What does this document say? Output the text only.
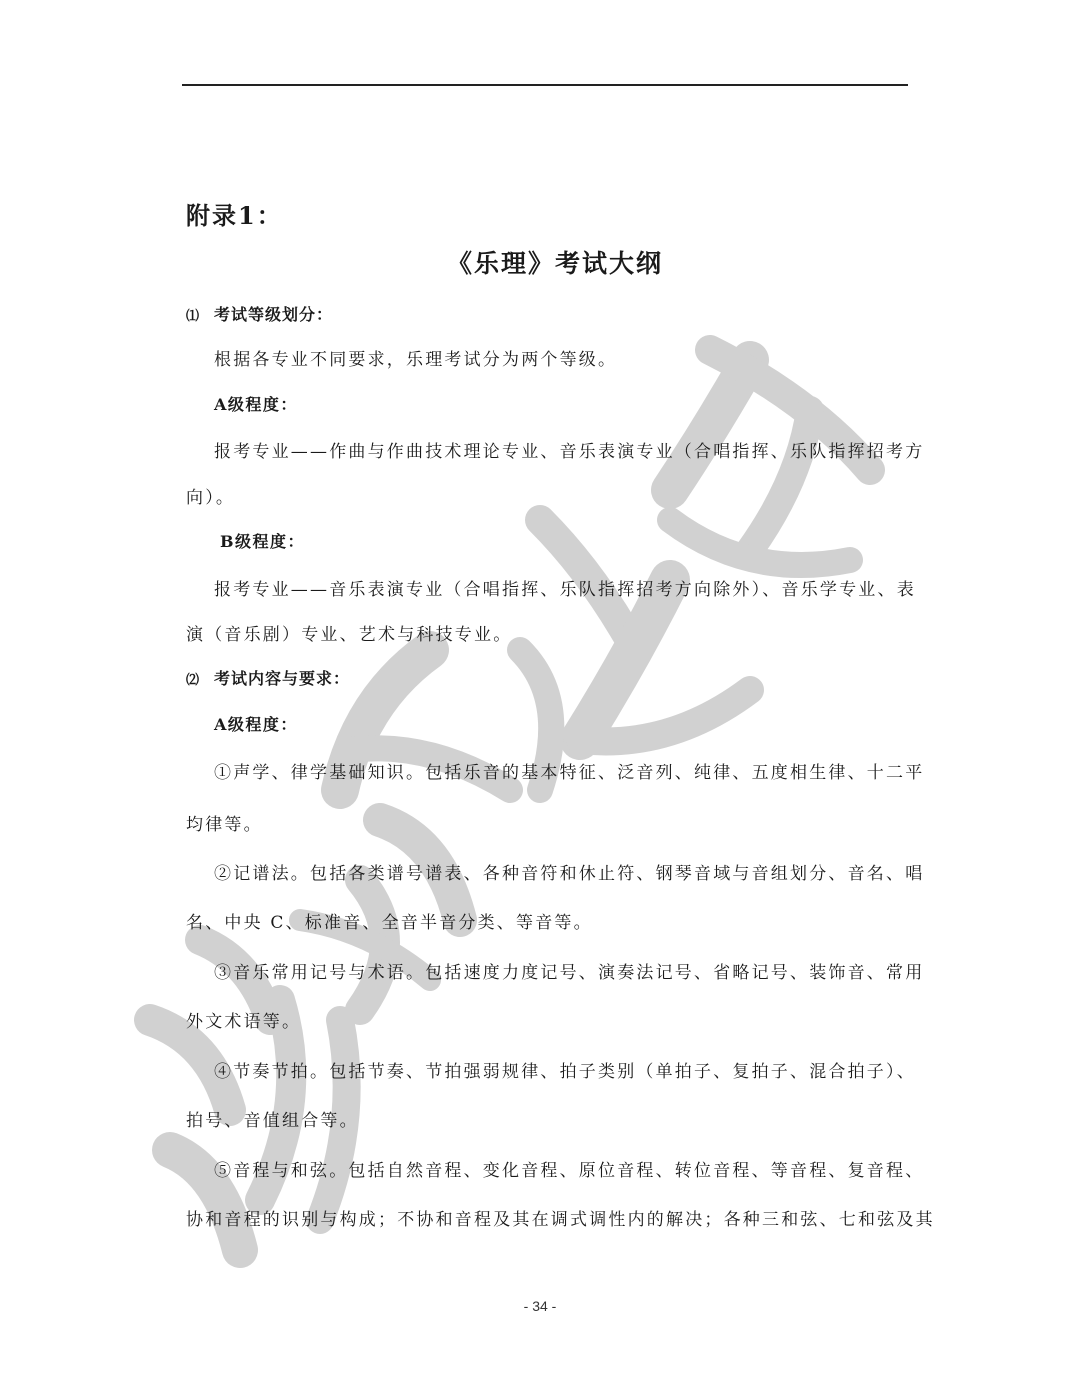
附录1：
《乐理》考试大纲
⑴ 考试等级划分：
根据各专业不同要求，乐理考试分为两个等级。
A级程度：
报考专业——作曲与作曲技术理论专业、音乐表演专业（合唱指挥、乐队指挥招考方
向）。
B级程度：
报考专业——音乐表演专业（合唱指挥、乐队指挥招考方向除外）、音乐学专业、表
演（音乐剧）专业、艺术与科技专业。
⑵ 考试内容与要求：
A级程度：
①声学、律学基础知识。包括乐音的基本特征、泛音列、纯律、五度相生律、十二平
均律等。
②记谱法。包括各类谱号谱表、各种音符和休止符、钢琴音域与音组划分、音名、唱
名、中央 C、标准音、全音半音分类、等音等。
③音乐常用记号与术语。包括速度力度记号、演奏法记号、省略记号、装饰音、常用
外文术语等。
④节奏节拍。包括节奏、节拍强弱规律、拍子类别（单拍子、复拍子、混合拍子）、
拍号、音值组合等。
⑤音程与和弦。包括自然音程、变化音程、原位音程、转位音程、等音程、复音程、
协和音程的识别与构成；不协和音程及其在调式调性内的解决；各种三和弦、七和弦及其
- 34 -
